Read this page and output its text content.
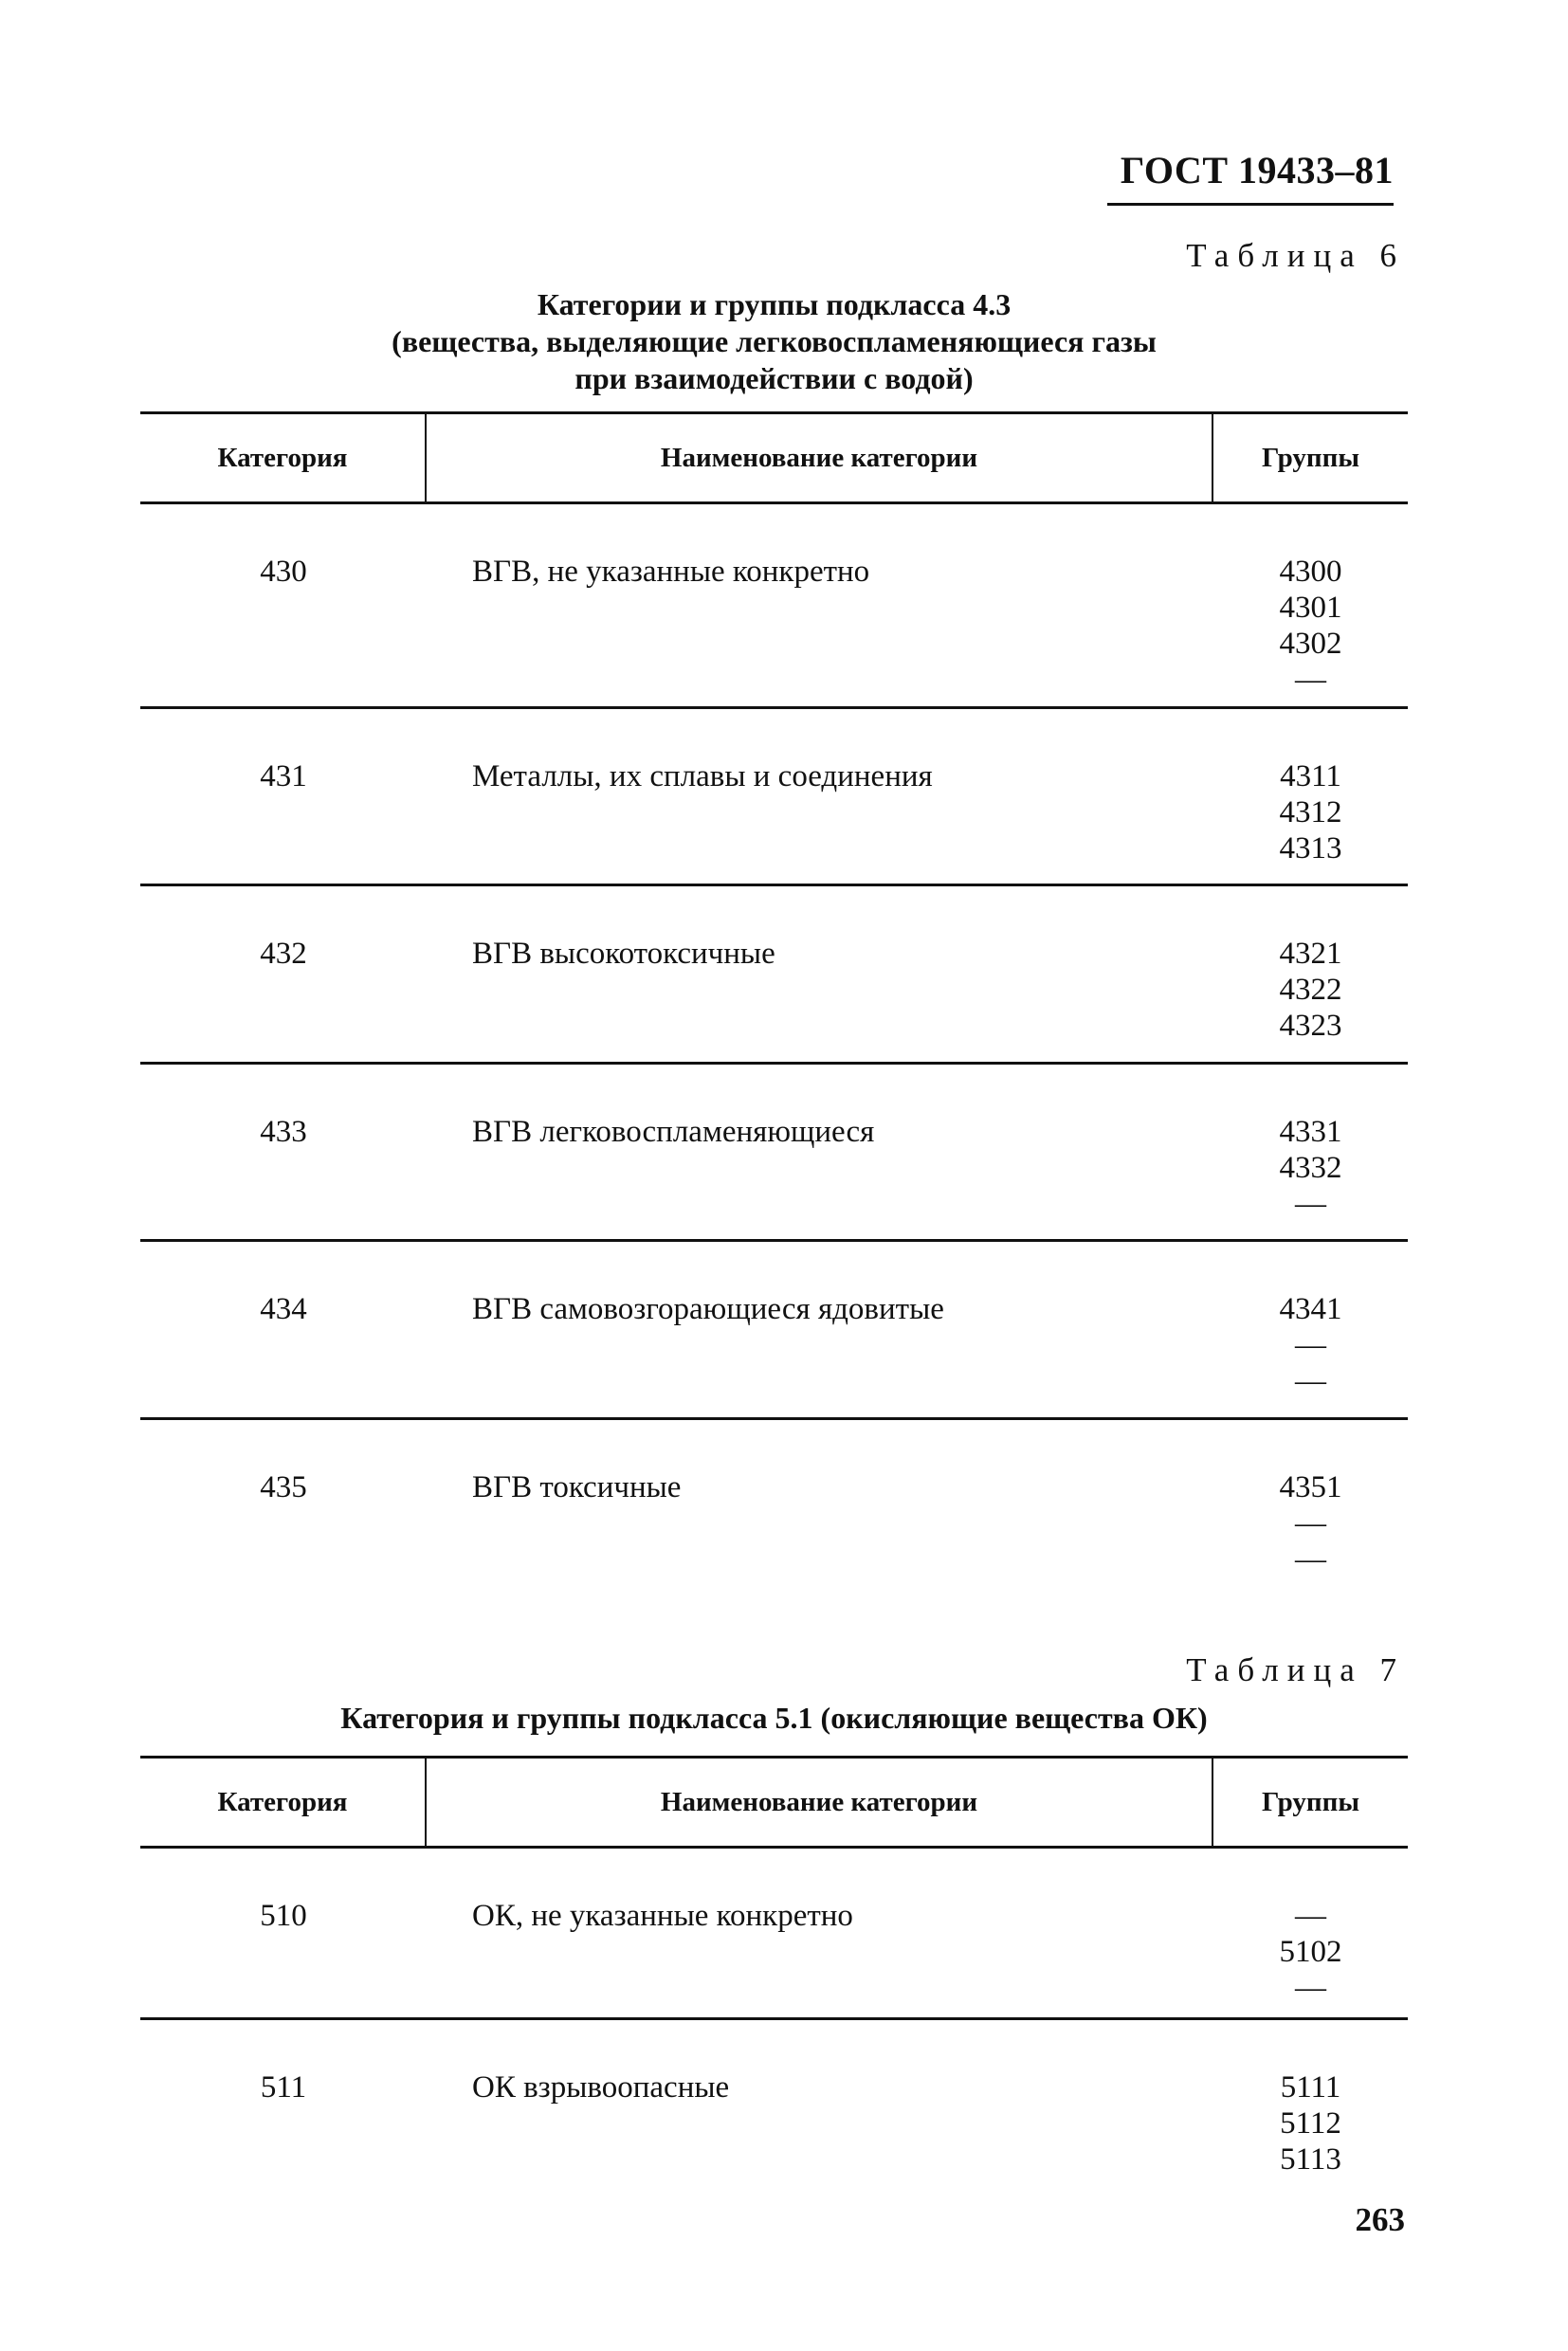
ГОСТ 19433–81
Таблица 6
Категории и группы подкласса 4.3
(вещества, выделяющие легковоспламеняющиеся газы
при взаимодействии с водой)
Категория	Наименование категории	Группы
430	ВГВ, не указанные конкретно	4300
4301
4302
—
431	Металлы, их сплавы и соединения	4311
4312
4313
432	ВГВ высокотоксичные	4321
4322
4323
433	ВГВ легковоспламеняющиеся	4331
4332
—
434	ВГВ самовозгорающиеся ядовитые	4341
—
—
435	ВГВ токсичные	4351
—
—
Таблица 7
Категория и группы подкласса 5.1 (окисляющие вещества ОК)
Категория	Наименование категории	Группы
510	ОК, не указанные конкретно	—
5102
—
511	ОК взрывоопасные	5111
5112
5113
263
